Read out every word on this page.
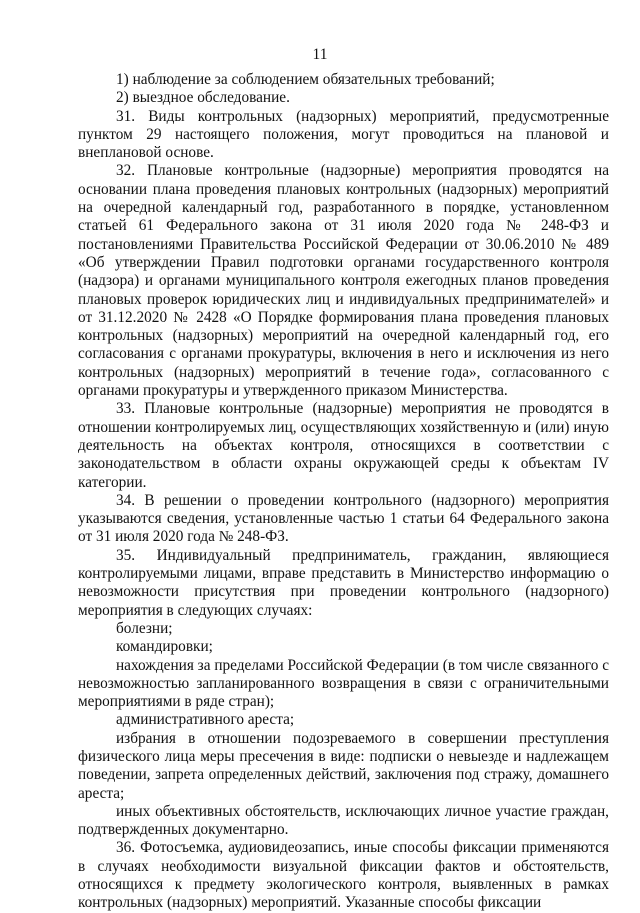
11

1) наблюдение за соблюдением обязательных требований;

2) выездное обследование.

31. Виды контрольных (надзорных) мероприятий, предусмотренные пунктом 29 настоящего положения, могут проводиться на плановой и внеплановой основе.

32. Плановые контрольные (надзорные) мероприятия проводятся на основании плана проведения плановых контрольных (надзорных) мероприятий на очередной календарный год, разработанного в порядке, установленном статьей 61 Федерального закона от 31 июля 2020 года № 248-ФЗ и постановлениями Правительства Российской Федерации от 30.06.2010 № 489 «Об утверждении Правил подготовки органами государственного контроля (надзора) и органами муниципального контроля ежегодных планов проведения плановых проверок юридических лиц и индивидуальных предпринимателей» и от 31.12.2020 № 2428 «О Порядке формирования плана проведения плановых контрольных (надзорных) мероприятий на очередной календарный год, его согласования с органами прокуратуры, включения в него и исключения из него контрольных (надзорных) мероприятий в течение года», согласованного с органами прокуратуры и утвержденного приказом Министерства.

33. Плановые контрольные (надзорные) мероприятия не проводятся в отношении контролируемых лиц, осуществляющих хозяйственную и (или) иную деятельность на объектах контроля, относящихся в соответствии с законодательством в области охраны окружающей среды к объектам IV категории.

34. В решении о проведении контрольного (надзорного) мероприятия указываются сведения, установленные частью 1 статьи 64 Федерального закона от 31 июля 2020 года № 248-ФЗ.

35. Индивидуальный предприниматель, гражданин, являющиеся контролируемыми лицами, вправе представить в Министерство информацию о невозможности присутствия при проведении контрольного (надзорного) мероприятия в следующих случаях:

болезни;

командировки;

нахождения за пределами Российской Федерации (в том числе связанного с невозможностью запланированного возвращения в связи с ограничительными мероприятиями в ряде стран);

административного ареста;

избрания в отношении подозреваемого в совершении преступления физического лица меры пресечения в виде: подписки о невыезде и надлежащем поведении, запрета определенных действий, заключения под стражу, домашнего ареста;

иных объективных обстоятельств, исключающих личное участие граждан, подтвержденных документарно.

36. Фотосъемка, аудиовидеозапись, иные способы фиксации применяются в случаях необходимости визуальной фиксации фактов и обстоятельств, относящихся к предмету экологического контроля, выявленных в рамках контрольных (надзорных) мероприятий. Указанные способы фиксации
